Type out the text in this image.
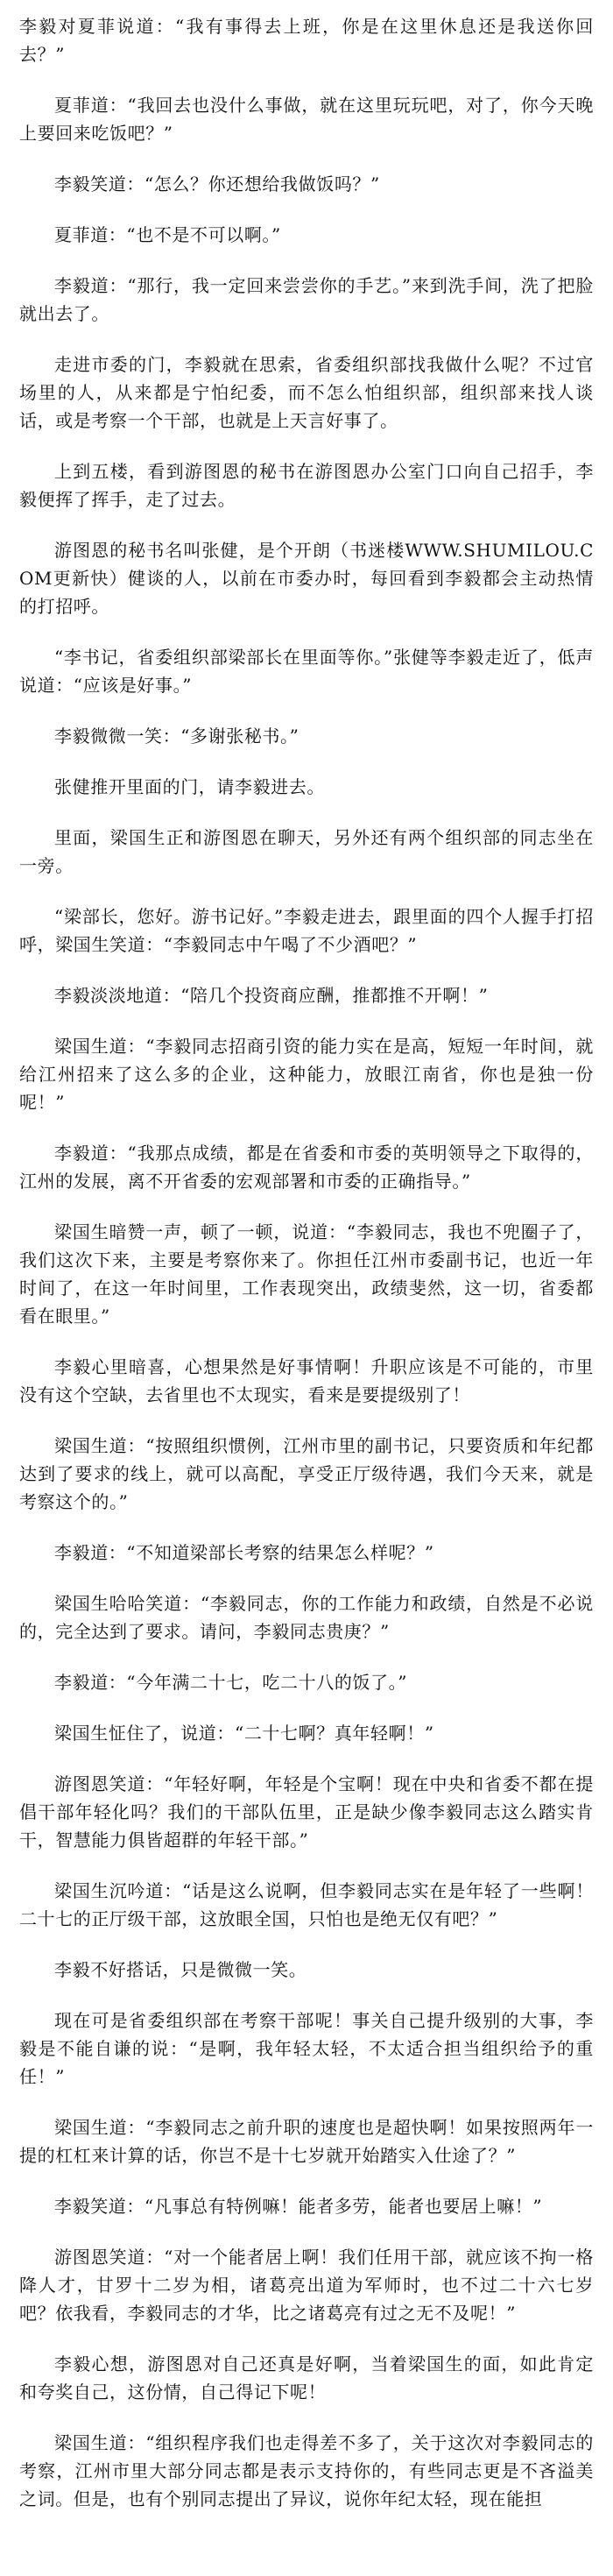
李毅对夏菲说道：“我有事得去上班，你是在这里休息还是我送你回去？”

夏菲道：“我回去也没什么事做，就在这里玩玩吧，对了，你今天晚上要回来吃饭吧？”

李毅笑道：“怎么？你还想给我做饭吗？”

夏菲道：“也不是不可以啊。”

李毅道：“那行，我一定回来尝尝你的手艺。”来到洗手间，洗了把脸就出去了。

走进市委的门，李毅就在思索，省委组织部找我做什么呢？不过官场里的人，从来都是宁怕纪委，而不怎么怕组织部，组织部来找人谈话，或是考察一个干部，也就是上天言好事了。

上到五楼，看到游图恩的秘书在游图恩办公室门口向自己招手，李毅便挥了挥手，走了过去。

游图恩的秘书名叫张健，是个开朗（书迷楼WWW.SHUMILOU.COM更新快）健谈的人，以前在市委办时，每回看到李毅都会主动热情的打招呼。

“李书记，省委组织部梁部长在里面等你。”张健等李毅走近了，低声说道：“应该是好事。”

李毅微微一笑：“多谢张秘书。”

张健推开里面的门，请李毅进去。

里面，梁国生正和游图恩在聊天，另外还有两个组织部的同志坐在一旁。

“梁部长，您好。游书记好。”李毅走进去，跟里面的四个人握手打招呼，梁国生笑道：“李毅同志中午喝了不少酒吧？”

李毅淡淡地道：“陪几个投资商应酬，推都推不开啊！”

梁国生道：“李毅同志招商引资的能力实在是高，短短一年时间，就给江州招来了这么多的企业，这种能力，放眼江南省，你也是独一份呢！”

李毅道：“我那点成绩，都是在省委和市委的英明领导之下取得的，江州的发展，离不开省委的宏观部署和市委的正确指导。”

梁国生暗赞一声，顿了一顿，说道：“李毅同志，我也不兜圈子了，我们这次下来，主要是考察你来了。你担任江州市委副书记，也近一年时间了，在这一年时间里，工作表现突出，政绩斐然，这一切，省委都看在眼里。”

李毅心里暗喜，心想果然是好事情啊！升职应该是不可能的，市里没有这个空缺，去省里也不太现实，看来是要提级别了！

梁国生道：“按照组织惯例，江州市里的副书记，只要资质和年纪都达到了要求的线上，就可以高配，享受正厅级待遇，我们今天来，就是考察这个的。”

李毅道：“不知道梁部长考察的结果怎么样呢？”

梁国生哈哈笑道：“李毅同志，你的工作能力和政绩，自然是不必说的，完全达到了要求。请问，李毅同志贵庚？”

李毅道：“今年满二十七，吃二十八的饭了。”

梁国生怔住了，说道：“二十七啊？真年轻啊！”

游图恩笑道：“年轻好啊，年轻是个宝啊！现在中央和省委不都在提倡干部年轻化吗？我们的干部队伍里，正是缺少像李毅同志这么踏实肯干，智慧能力俱皆超群的年轻干部。”

梁国生沉吟道：“话是这么说啊，但李毅同志实在是年轻了一些啊！二十七的正厅级干部，这放眼全国，只怕也是绝无仅有吧？”

李毅不好搭话，只是微微一笑。

现在可是省委组织部在考察干部呢！事关自己提升级别的大事，李毅是不能自谦的说：“是啊，我年轻太轻，不太适合担当组织给予的重任！”

梁国生道：“李毅同志之前升职的速度也是超快啊！如果按照两年一提的杠杠来计算的话，你岂不是十七岁就开始踏实入仕途了？”

李毅笑道：“凡事总有特例嘛！能者多劳，能者也要居上嘛！”

游图恩笑道：“对一个能者居上啊！我们任用干部，就应该不拘一格降人才，甘罗十二岁为相，诸葛亮出道为军师时，也不过二十六七岁吧？依我看，李毅同志的才华，比之诸葛亮有过之无不及呢！”

李毅心想，游图恩对自己还真是好啊，当着梁国生的面，如此肯定和夸奖自己，这份情，自己得记下呢！

梁国生道：“组织程序我们也走得差不多了，关于这次对李毅同志的考察，江州市里大部分同志都是表示支持你的，有些同志更是不吝溢美之词。但是，也有个别同志提出了异议，说你年纪太轻，现在能担
